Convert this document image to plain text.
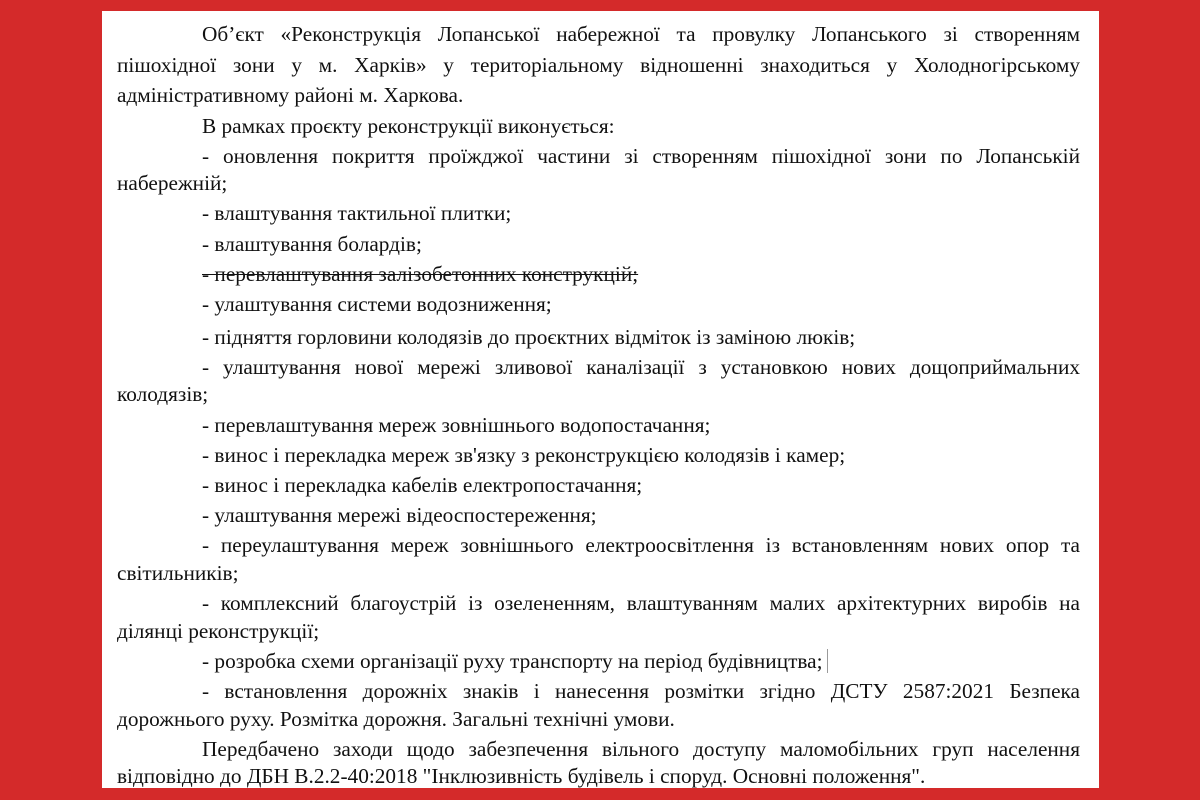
Об’єкт «Реконструкція Лопанської набережної та провулку Лопанського зі створенням пішохідної зони у м. Харків» у територіальному відношенні знаходиться у Холодногірському адміністративному районі м. Харкова.

В рамках проєкту реконструкції виконується:

- оновлення покриття проїжджої частини зі створенням пішохідної зони по Лопанській набережній;

- влаштування тактильної плитки;

- влаштування болардів;

- перевлаштування залізобетонних конструкцій;

- улаштування системи водозниження;

- підняття горловини колодязів до проєктних відміток із заміною люків;

- улаштування нової мережі зливової каналізації з установкою нових дощоприймальних колодязів;

- перевлаштування мереж зовнішнього водопостачання;

- винос і перекладка мереж зв'язку з реконструкцією колодязів і камер;

- винос і перекладка кабелів електропостачання;

- улаштування мережі відеоспостереження;

- переулаштування мереж зовнішнього електроосвітлення із встановленням нових опор та світильників;

- комплексний благоустрій із озелененням, влаштуванням малих архітектурних виробів на ділянці реконструкції;

- розробка схеми організації руху транспорту на період будівництва;

- встановлення дорожніх знаків і нанесення розмітки згідно ДСТУ 2587:2021 Безпека дорожнього руху. Розмітка дорожня. Загальні технічні умови.

Передбачено заходи щодо забезпечення вільного доступу маломобільних груп населення відповідно до ДБН В.2.2-40:2018 "Інклюзивність будівель і споруд. Основні положення".
